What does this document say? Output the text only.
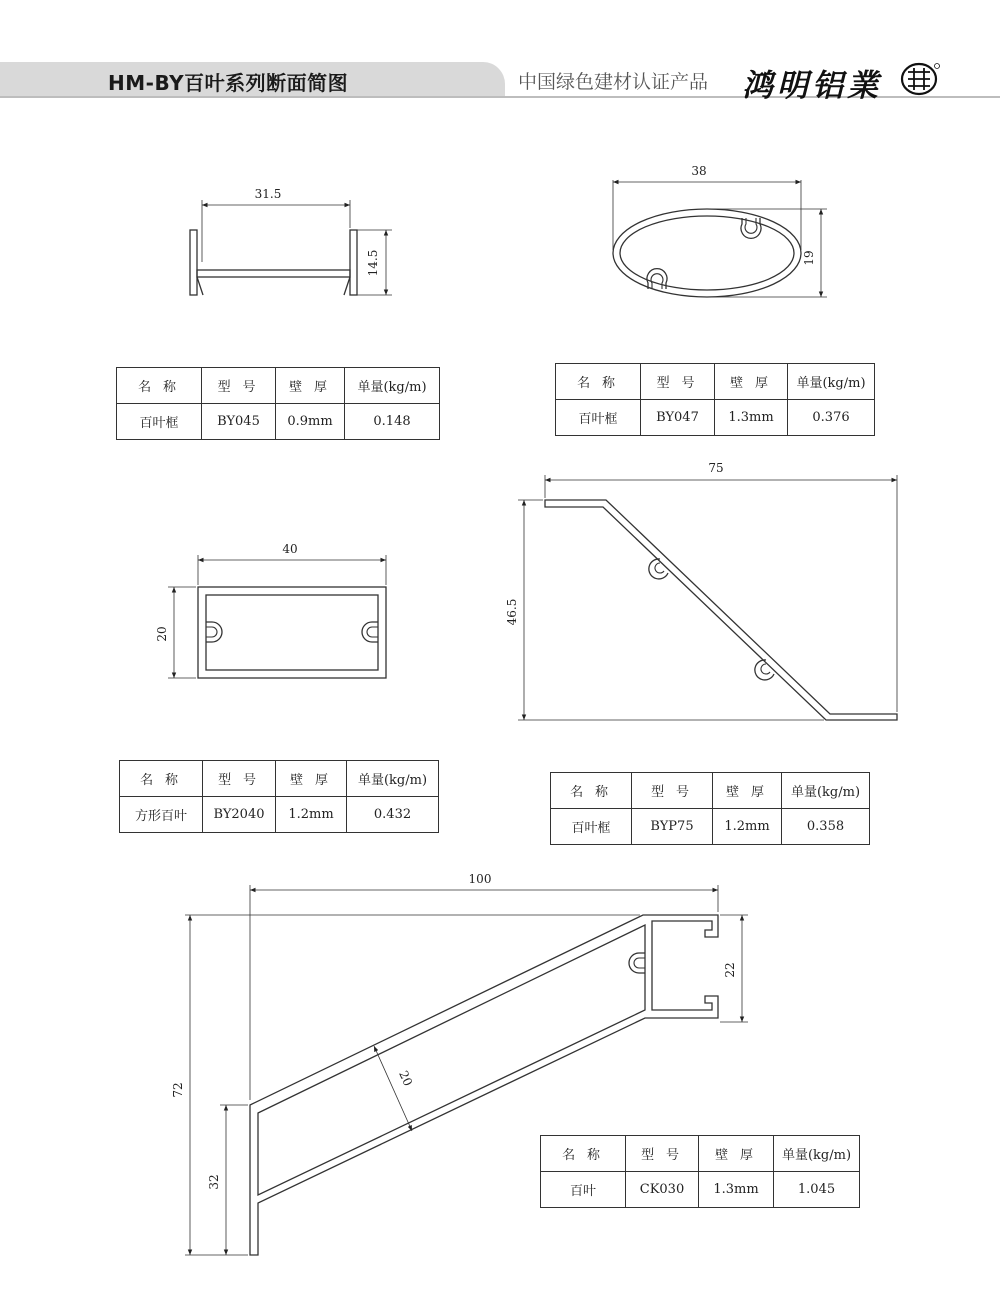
HM-BY百叶系列断面简图	中国绿色建材认证产品 鸿明铝業
31.5
14.5
38
19
40
20
75
46.5
100
72
32
22
20
名 称	型 号	壁 厚	单量(kg/m)
百叶框	BY045	0.9mm	0.148
名 称	型 号	壁 厚	单量(kg/m)
百叶框	BY047	1.3mm	0.376
名 称	型 号	壁 厚	单量(kg/m)
方形百叶	BY2040	1.2mm	0.432
名 称	型 号	壁 厚	单量(kg/m)
百叶框	BYP75	1.2mm	0.358
名 称	型 号	壁 厚	单量(kg/m)
百叶	CK030	1.3mm	1.045
